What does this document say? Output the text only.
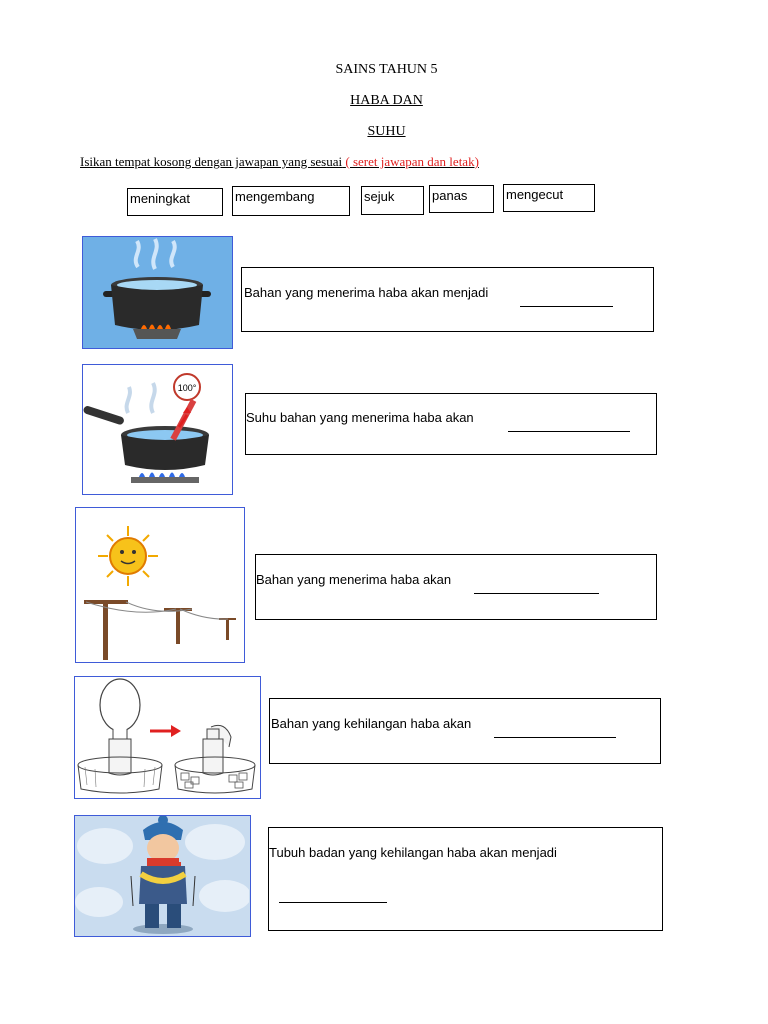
SAINS TAHUN 5
HABA DAN
SUHU
Isikan tempat kosong dengan jawapan yang sesuai ( seret jawapan dan letak)
meningkat	mengembang	sejuk	panas	mengecut
Bahan yang menerima haba akan menjadi
100°
Suhu bahan yang menerima haba akan
Bahan yang menerima haba akan
Bahan yang kehilangan haba akan
Tubuh badan yang kehilangan haba akan menjadi
